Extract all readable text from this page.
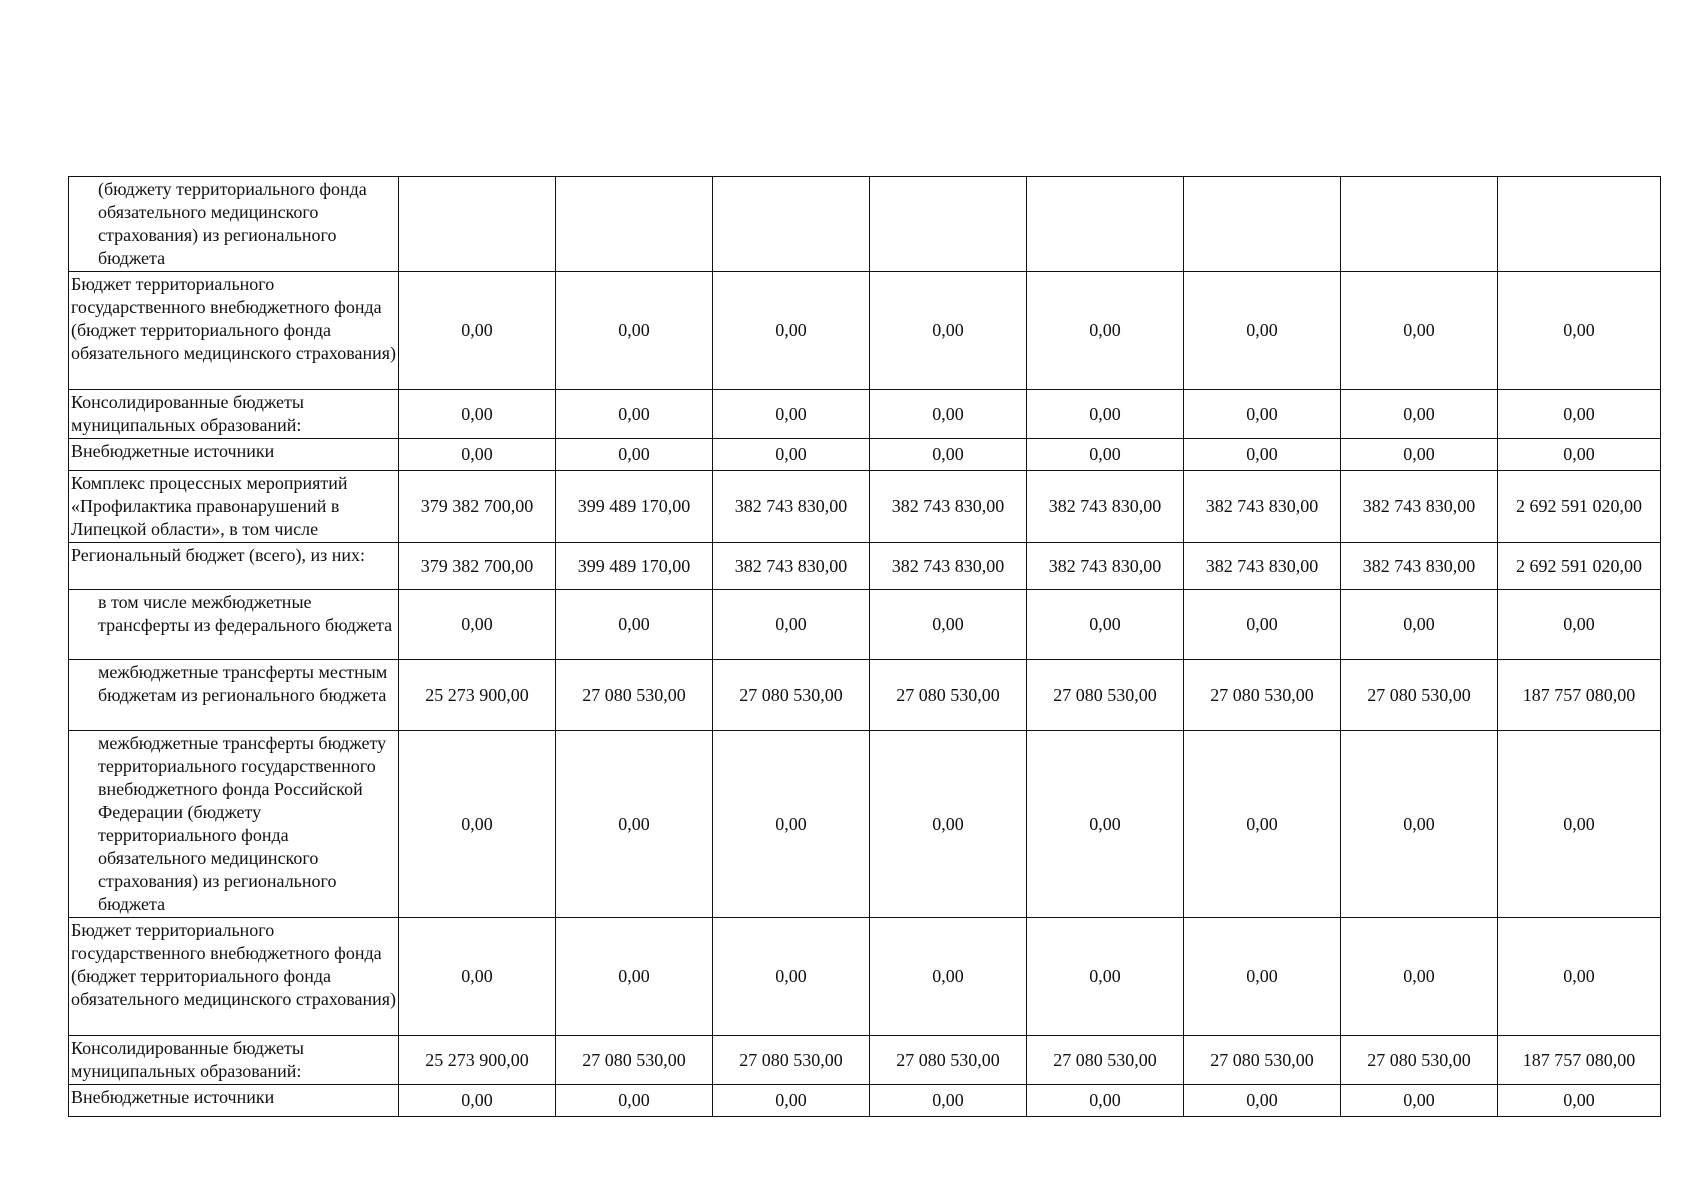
(бюджету территориального фонда обязательного медицинского страхования) из регионального бюджета								
Бюджет территориального государственного внебюджетного фонда (бюджет территориального фонда обязательного медицинского страхования)	0,00	0,00	0,00	0,00	0,00	0,00	0,00	0,00
Консолидированные бюджеты муниципальных образований:	0,00	0,00	0,00	0,00	0,00	0,00	0,00	0,00
Внебюджетные источники	0,00	0,00	0,00	0,00	0,00	0,00	0,00	0,00
Комплекс процессных мероприятий «Профилактика правонарушений в Липецкой области», в том числе	379 382 700,00	399 489 170,00	382 743 830,00	382 743 830,00	382 743 830,00	382 743 830,00	382 743 830,00	2 692 591 020,00
Региональный бюджет (всего), из них:	379 382 700,00	399 489 170,00	382 743 830,00	382 743 830,00	382 743 830,00	382 743 830,00	382 743 830,00	2 692 591 020,00
в том числе межбюджетные трансферты из федерального бюджета	0,00	0,00	0,00	0,00	0,00	0,00	0,00	0,00
межбюджетные трансферты местным бюджетам из регионального бюджета	25 273 900,00	27 080 530,00	27 080 530,00	27 080 530,00	27 080 530,00	27 080 530,00	27 080 530,00	187 757 080,00
межбюджетные трансферты бюджету территориального государственного внебюджетного фонда Российской Федерации (бюджету территориального фонда обязательного медицинского страхования) из регионального бюджета	0,00	0,00	0,00	0,00	0,00	0,00	0,00	0,00
Бюджет территориального государственного внебюджетного фонда (бюджет территориального фонда обязательного медицинского страхования)	0,00	0,00	0,00	0,00	0,00	0,00	0,00	0,00
Консолидированные бюджеты муниципальных образований:	25 273 900,00	27 080 530,00	27 080 530,00	27 080 530,00	27 080 530,00	27 080 530,00	27 080 530,00	187 757 080,00
Внебюджетные источники	0,00	0,00	0,00	0,00	0,00	0,00	0,00	0,00
